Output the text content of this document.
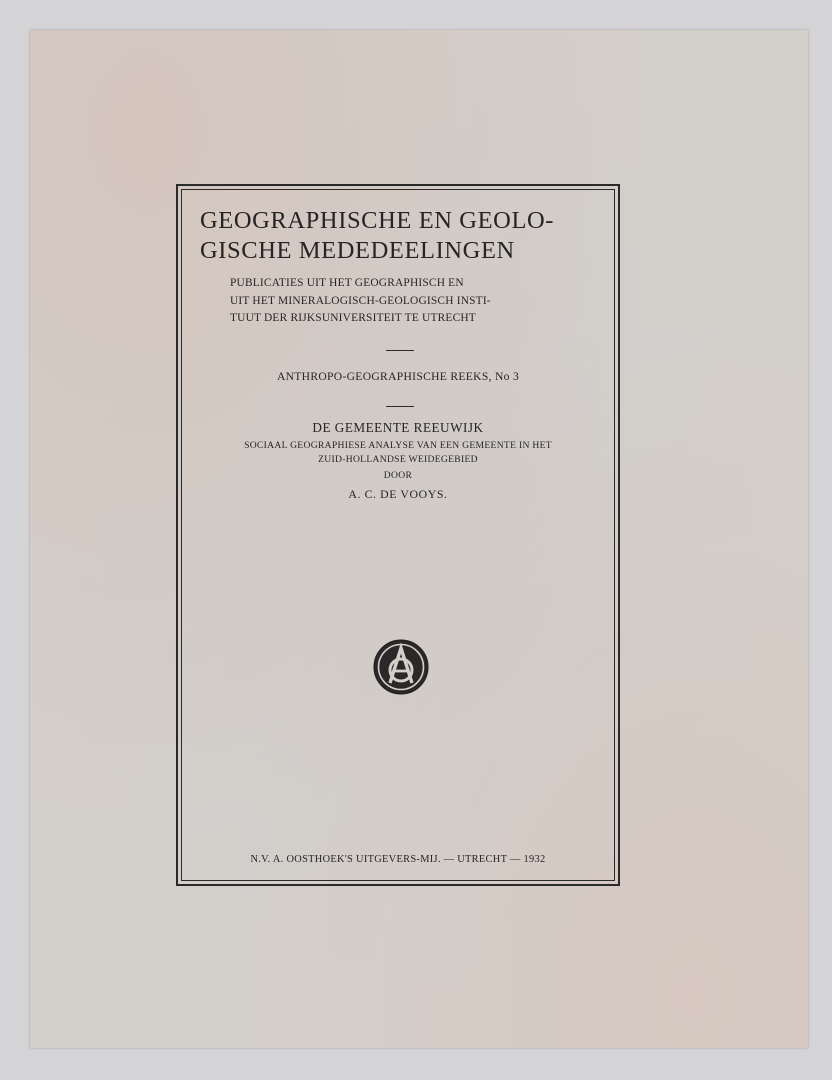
GEOGRAPHISCHE EN GEOLO-
GISCHE MEDEDEELINGEN
PUBLICATIES UIT HET GEOGRAPHISCH EN
UIT HET MINERALOGISCH-GEOLOGISCH INSTI-
TUUT DER RIJKSUNIVERSITEIT TE UTRECHT
ANTHROPO-GEOGRAPHISCHE REEKS, No 3
DE GEMEENTE REEUWIJK
SOCIAAL GEOGRAPHIESE ANALYSE VAN EEN GEMEENTE IN HET
ZUID-HOLLANDSE WEIDEGEBIED
DOOR
A. C. DE VOOYS.
N.V. A. OOSTHOEK'S UITGEVERS-MIJ. — UTRECHT — 1932
